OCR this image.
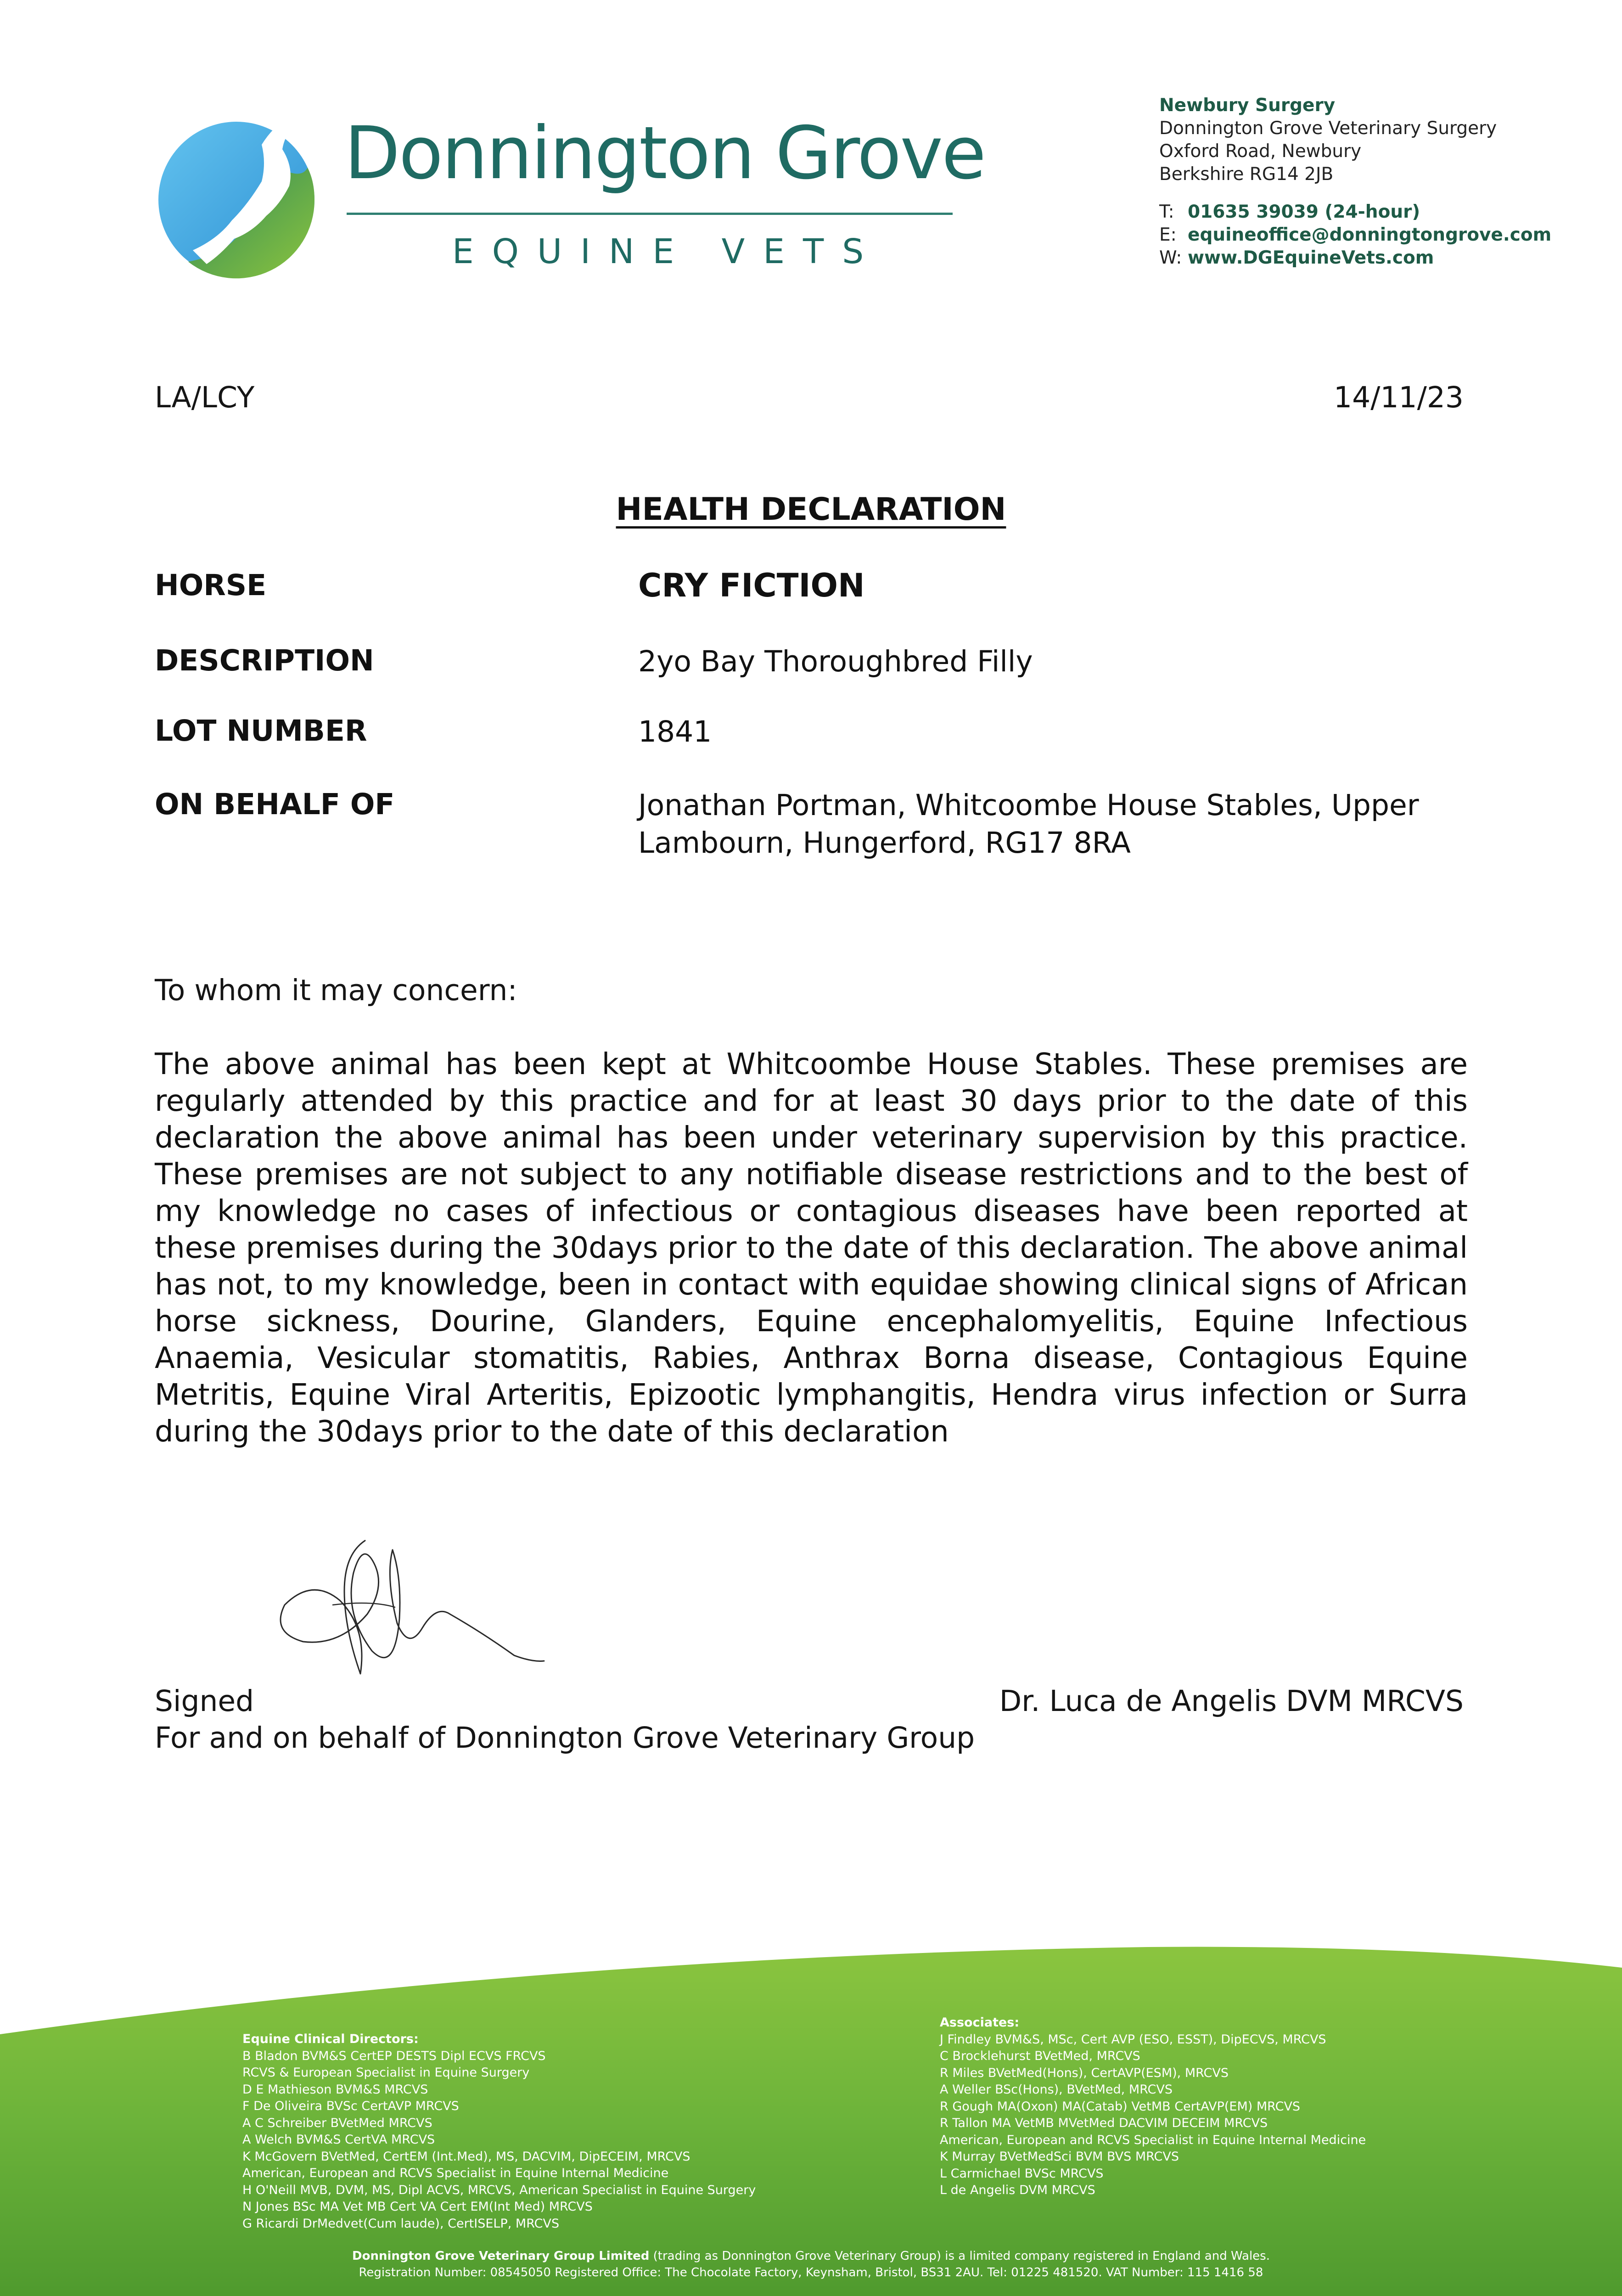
Donnington Grove
EQUINE VETS
Newbury Surgery
Donnington Grove Veterinary Surgery
Oxford Road, Newbury
Berkshire RG14 2JB
T: 01635 39039 (24-hour)
E: equineoffice@donningtongrove.com
W: www.DGEquineVets.com
LA/LCY	14/11/23
HEALTH DECLARATION
HORSE	CRY FICTION
DESCRIPTION	2yo Bay Thoroughbred Filly
LOT NUMBER	1841
ON BEHALF OF	Jonathan Portman, Whitcoombe House Stables, Upper Lambourn, Hungerford, RG17 8RA
To whom it may concern:
The above animal has been kept at Whitcoombe House Stables. These premises are regularly attended by this practice and for at least 30 days prior to the date of this declaration the above animal has been under veterinary supervision by this practice. These premises are not subject to any notifiable disease restrictions and to the best of my knowledge no cases of infectious or contagious diseases have been reported at these premises during the 30days prior to the date of this declaration. The above animal has not, to my knowledge, been in contact with equidae showing clinical signs of African horse sickness, Dourine, Glanders, Equine encephalomyelitis, Equine Infectious Anaemia, Vesicular stomatitis, Rabies, Anthrax Borna disease, Contagious Equine Metritis, Equine Viral Arteritis, Epizootic lymphangitis, Hendra virus infection or Surra during the 30days prior to the date of this declaration
Signed	Dr. Luca de Angelis DVM MRCVS
For and on behalf of Donnington Grove Veterinary Group
Equine Clinical Directors:
B Bladon BVM&S CertEP DESTS Dipl ECVS FRCVS
RCVS & European Specialist in Equine Surgery
D E Mathieson BVM&S MRCVS
F De Oliveira BVSc CertAVP MRCVS
A C Schreiber BVetMed MRCVS
A Welch BVM&S CertVA MRCVS
K McGovern BVetMed, CertEM (Int.Med), MS, DACVIM, DipECEIM, MRCVS
American, European and RCVS Specialist in Equine Internal Medicine
H O'Neill MVB, DVM, MS, Dipl ACVS, MRCVS, American Specialist in Equine Surgery
N Jones BSc MA Vet MB Cert VA Cert EM(Int Med) MRCVS
G Ricardi DrMedvet(Cum laude), CertISELP, MRCVS
Associates:
J Findley BVM&S, MSc, Cert AVP (ESO, ESST), DipECVS, MRCVS
C Brocklehurst BVetMed, MRCVS
R Miles BVetMed(Hons), CertAVP(ESM), MRCVS
A Weller BSc(Hons), BVetMed, MRCVS
R Gough MA(Oxon) MA(Catab) VetMB CertAVP(EM) MRCVS
R Tallon MA VetMB MVetMed DACVIM DECEIM MRCVS
American, European and RCVS Specialist in Equine Internal Medicine
K Murray BVetMedSci BVM BVS MRCVS
L Carmichael BVSc MRCVS
L de Angelis DVM MRCVS
Donnington Grove Veterinary Group Limited (trading as Donnington Grove Veterinary Group) is a limited company registered in England and Wales.
Registration Number: 08545050 Registered Office: The Chocolate Factory, Keynsham, Bristol, BS31 2AU. Tel: 01225 481520. VAT Number: 115 1416 58
